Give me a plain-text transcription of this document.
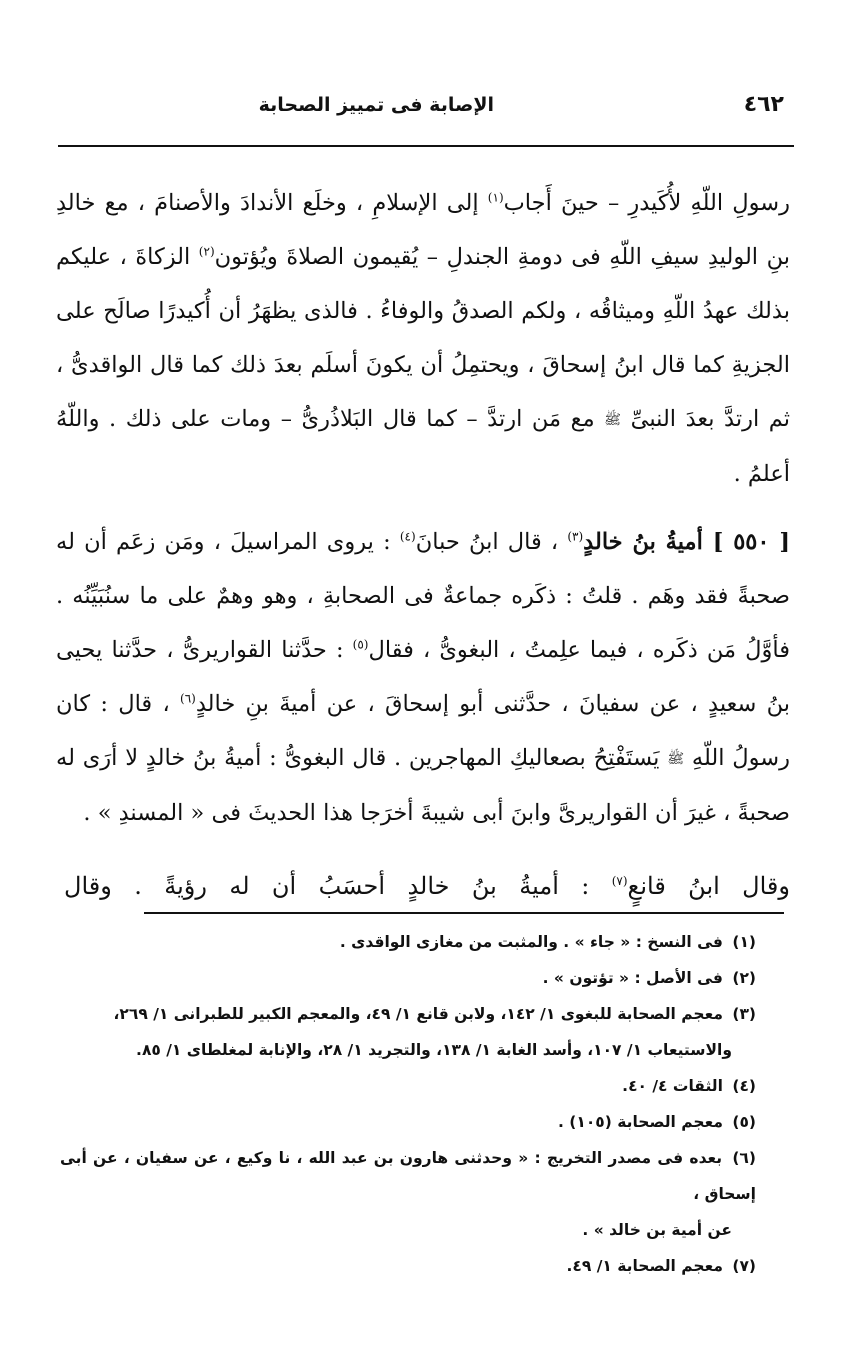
٤٦٢
الإصابة فى تمييز الصحابة

رسولِ اللّهِ لأُكَيدرِ – حينَ أَجاب$^{(١)}$ إلى الإسلامِ ، وخلَع الأندادَ والأصنامَ ، مع خالدِ بنِ الوليدِ سيفِ اللّهِ فى دومةِ الجندلِ – يُقيمون الصلاةَ ويُؤتون$^{(٢)}$ الزكاةَ ، عليكم بذلك عهدُ اللّهِ وميثاقُه ، ولكم الصدقُ والوفاءُ . فالذى يظهَرُ أن أُكيدرًا صالَح على الجزيةِ كما قال ابنُ إسحاقَ ، ويحتمِلُ أن يكونَ أسلَم بعدَ ذلك كما قال الواقدىُّ ، ثم ارتدَّ بعدَ النبىِّ ﷺ مع مَن ارتدَّ – كما قال البَلاذُرىُّ – ومات على ذلك . واللّهُ أعلمُ .

[ ٥٥٠ ] أميةُ بنُ خالدٍ$^{(٣)}$ ، قال ابنُ حبانَ$^{(٤)}$ : يروى المراسيلَ ، ومَن زعَم أن له صحبةً فقد وهَم . قلتُ : ذكَره جماعةٌ فى الصحابةِ ، وهو وهمٌ على ما سنُبَيِّنُه . فأوَّلُ مَن ذكَره ، فيما علِمتُ ، البغوىُّ ، فقال$^{(٥)}$ : حدَّثنا القواريرىُّ ، حدَّثنا يحيى بنُ سعيدٍ ، عن سفيانَ ، حدَّثنى أبو إسحاقَ ، عن أميةَ بنِ خالدٍ$^{(٦)}$ ، قال : كان رسولُ اللّهِ ﷺ يَستَفْتِحُ بصعاليكِ المهاجرين . قال البغوىُّ : أميةُ بنُ خالدٍ لا أرَى له صحبةً ، غيرَ أن القواريرىَّ وابنَ أبى شيبةَ أخرَجا هذا الحديثَ فى « المسندِ » .

وقال ابنُ قانعٍ$^{(٧)}$ : أميةُ بنُ خالدٍ أحسَبُ أن له رؤيةً . وقال

(١) فى النسخ : « جاء » . والمثبت من مغازى الواقدى .

(٢) فى الأصل : « تؤتون » .

(٣) معجم الصحابة للبغوى ١/ ١٤٢، ولابن قانع ١/ ٤٩، والمعجم الكبير للطبرانى ١/ ٢٦٩،

والاستيعاب ١/ ١٠٧، وأسد الغابة ١/ ١٣٨، والتجريد ١/ ٢٨، والإنابة لمغلطاى ١/ ٨٥.

(٤) الثقات ٤/ ٤٠.

(٥) معجم الصحابة (١٠٥) .

(٦) بعده فى مصدر التخريج : « وحدثنى هارون بن عبد الله ، نا وكيع ، عن سفيان ، عن أبى إسحاق ،

عن أمية بن خالد » .

(٧) معجم الصحابة ١/ ٤٩.
